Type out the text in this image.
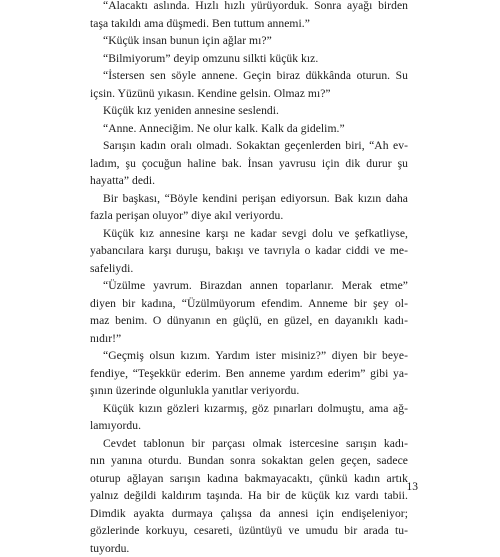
“Alacaktı aslında. Hızlı hızlı yürüyorduk. Sonra ayağı birden
taşa takıldı ama düşmedi. Ben tuttum annemi.”
“Küçük insan bunun için ağlar mı?”
“Bilmiyorum” deyip omzunu silkti küçük kız.
“İstersen sen söyle annene. Geçin biraz dükkânda oturun. Su
içsin. Yüzünü yıkasın. Kendine gelsin. Olmaz mı?”
Küçük kız yeniden annesine seslendi.
“Anne. Anneciğim. Ne olur kalk. Kalk da gidelim.”
Sarışın kadın oralı olmadı. Sokaktan geçenlerden biri, “Ah ev-
ladım, şu çocuğun haline bak. İnsan yavrusu için dik durur şu
hayatta” dedi.
Bir başkası, “Böyle kendini perişan ediyorsun. Bak kızın daha
fazla perişan oluyor” diye akıl veriyordu.
Küçük kız annesine karşı ne kadar sevgi dolu ve şefkatliyse,
yabancılara karşı duruşu, bakışı ve tavrıyla o kadar ciddi ve me-
safeliydi.
“Üzülme yavrum. Birazdan annen toparlanır. Merak etme”
diyen bir kadına, “Üzülmüyorum efendim. Anneme bir şey ol-
maz benim. O dünyanın en güçlü, en güzel, en dayanıklı kadı-
nıdır!”
“Geçmiş olsun kızım. Yardım ister misiniz?” diyen bir beye-
fendiye, “Teşekkür ederim. Ben anneme yardım ederim” gibi ya-
şının üzerinde olgunlukla yanıtlar veriyordu.
Küçük kızın gözleri kızarmış, göz pınarları dolmuştu, ama ağ-
lamıyordu.
Cevdet tablonun bir parçası olmak istercesine sarışın kadı-
nın yanına oturdu. Bundan sonra sokaktan gelen geçen, sadece
oturup ağlayan sarışın kadına bakmayacaktı, çünkü kadın artık
yalnız değildi kaldırım taşında. Ha bir de küçük kız vardı tabii.
Dimdik ayakta durmaya çalışsa da annesi için endişeleniyor;
gözlerinde korkuyu, cesareti, üzüntüyü ve umudu bir arada tu-
tuyordu.
13
